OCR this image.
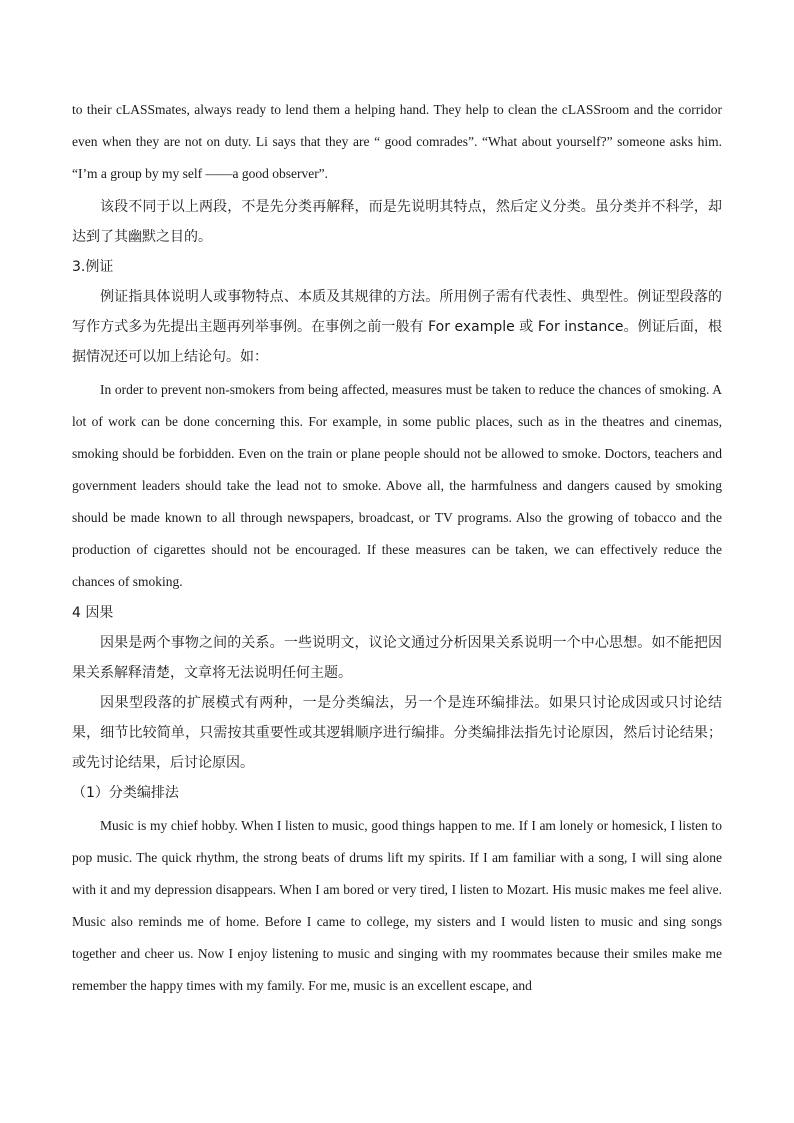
to their cLASSmates, always ready to lend them a helping hand. They help to clean the cLASSroom and the corridor even when they are not on duty. Li says that they are “ good comrades”. “What about yourself?” someone asks him. “I’m a group by my self ——a good observer”.

该段不同于以上两段，不是先分类再解释，而是先说明其特点，然后定义分类。虽分类并不科学，却达到了其幽默之目的。

3.例证

例证指具体说明人或事物特点、本质及其规律的方法。所用例子需有代表性、典型性。例证型段落的写作方式多为先提出主题再列举事例。在事例之前一般有 For example 或 For instance。例证后面，根据情况还可以加上结论句。如：

In order to prevent non-smokers from being affected, measures must be taken to reduce the chances of smoking. A lot of work can be done concerning this. For example, in some public places, such as in the theatres and cinemas, smoking should be forbidden. Even on the train or plane people should not be allowed to smoke. Doctors, teachers and government leaders should take the lead not to smoke. Above all, the harmfulness and dangers caused by smoking should be made known to all through newspapers, broadcast, or TV programs. Also the growing of tobacco and the production of cigarettes should not be encouraged. If these measures can be taken, we can effectively reduce the chances of smoking.

4 因果

因果是两个事物之间的关系。一些说明文，议论文通过分析因果关系说明一个中心思想。如不能把因果关系解释清楚，文章将无法说明任何主题。

因果型段落的扩展模式有两种，一是分类编法，另一个是连环编排法。如果只讨论成因或只讨论结果，细节比较简单，只需按其重要性或其逻辑顺序进行编排。分类编排法指先讨论原因，然后讨论结果；或先讨论结果，后讨论原因。

（1）分类编排法

Music is my chief hobby. When I listen to music, good things happen to me. If I am lonely or homesick, I listen to pop music. The quick rhythm, the strong beats of drums lift my spirits. If I am familiar with a song, I will sing alone with it and my depression disappears. When I am bored or very tired, I listen to Mozart. His music makes me feel alive. Music also reminds me of home. Before I came to college, my sisters and I would listen to music and sing songs together and cheer us. Now I enjoy listening to music and singing with my roommates because their smiles make me remember the happy times with my family. For me, music is an excellent escape, and
